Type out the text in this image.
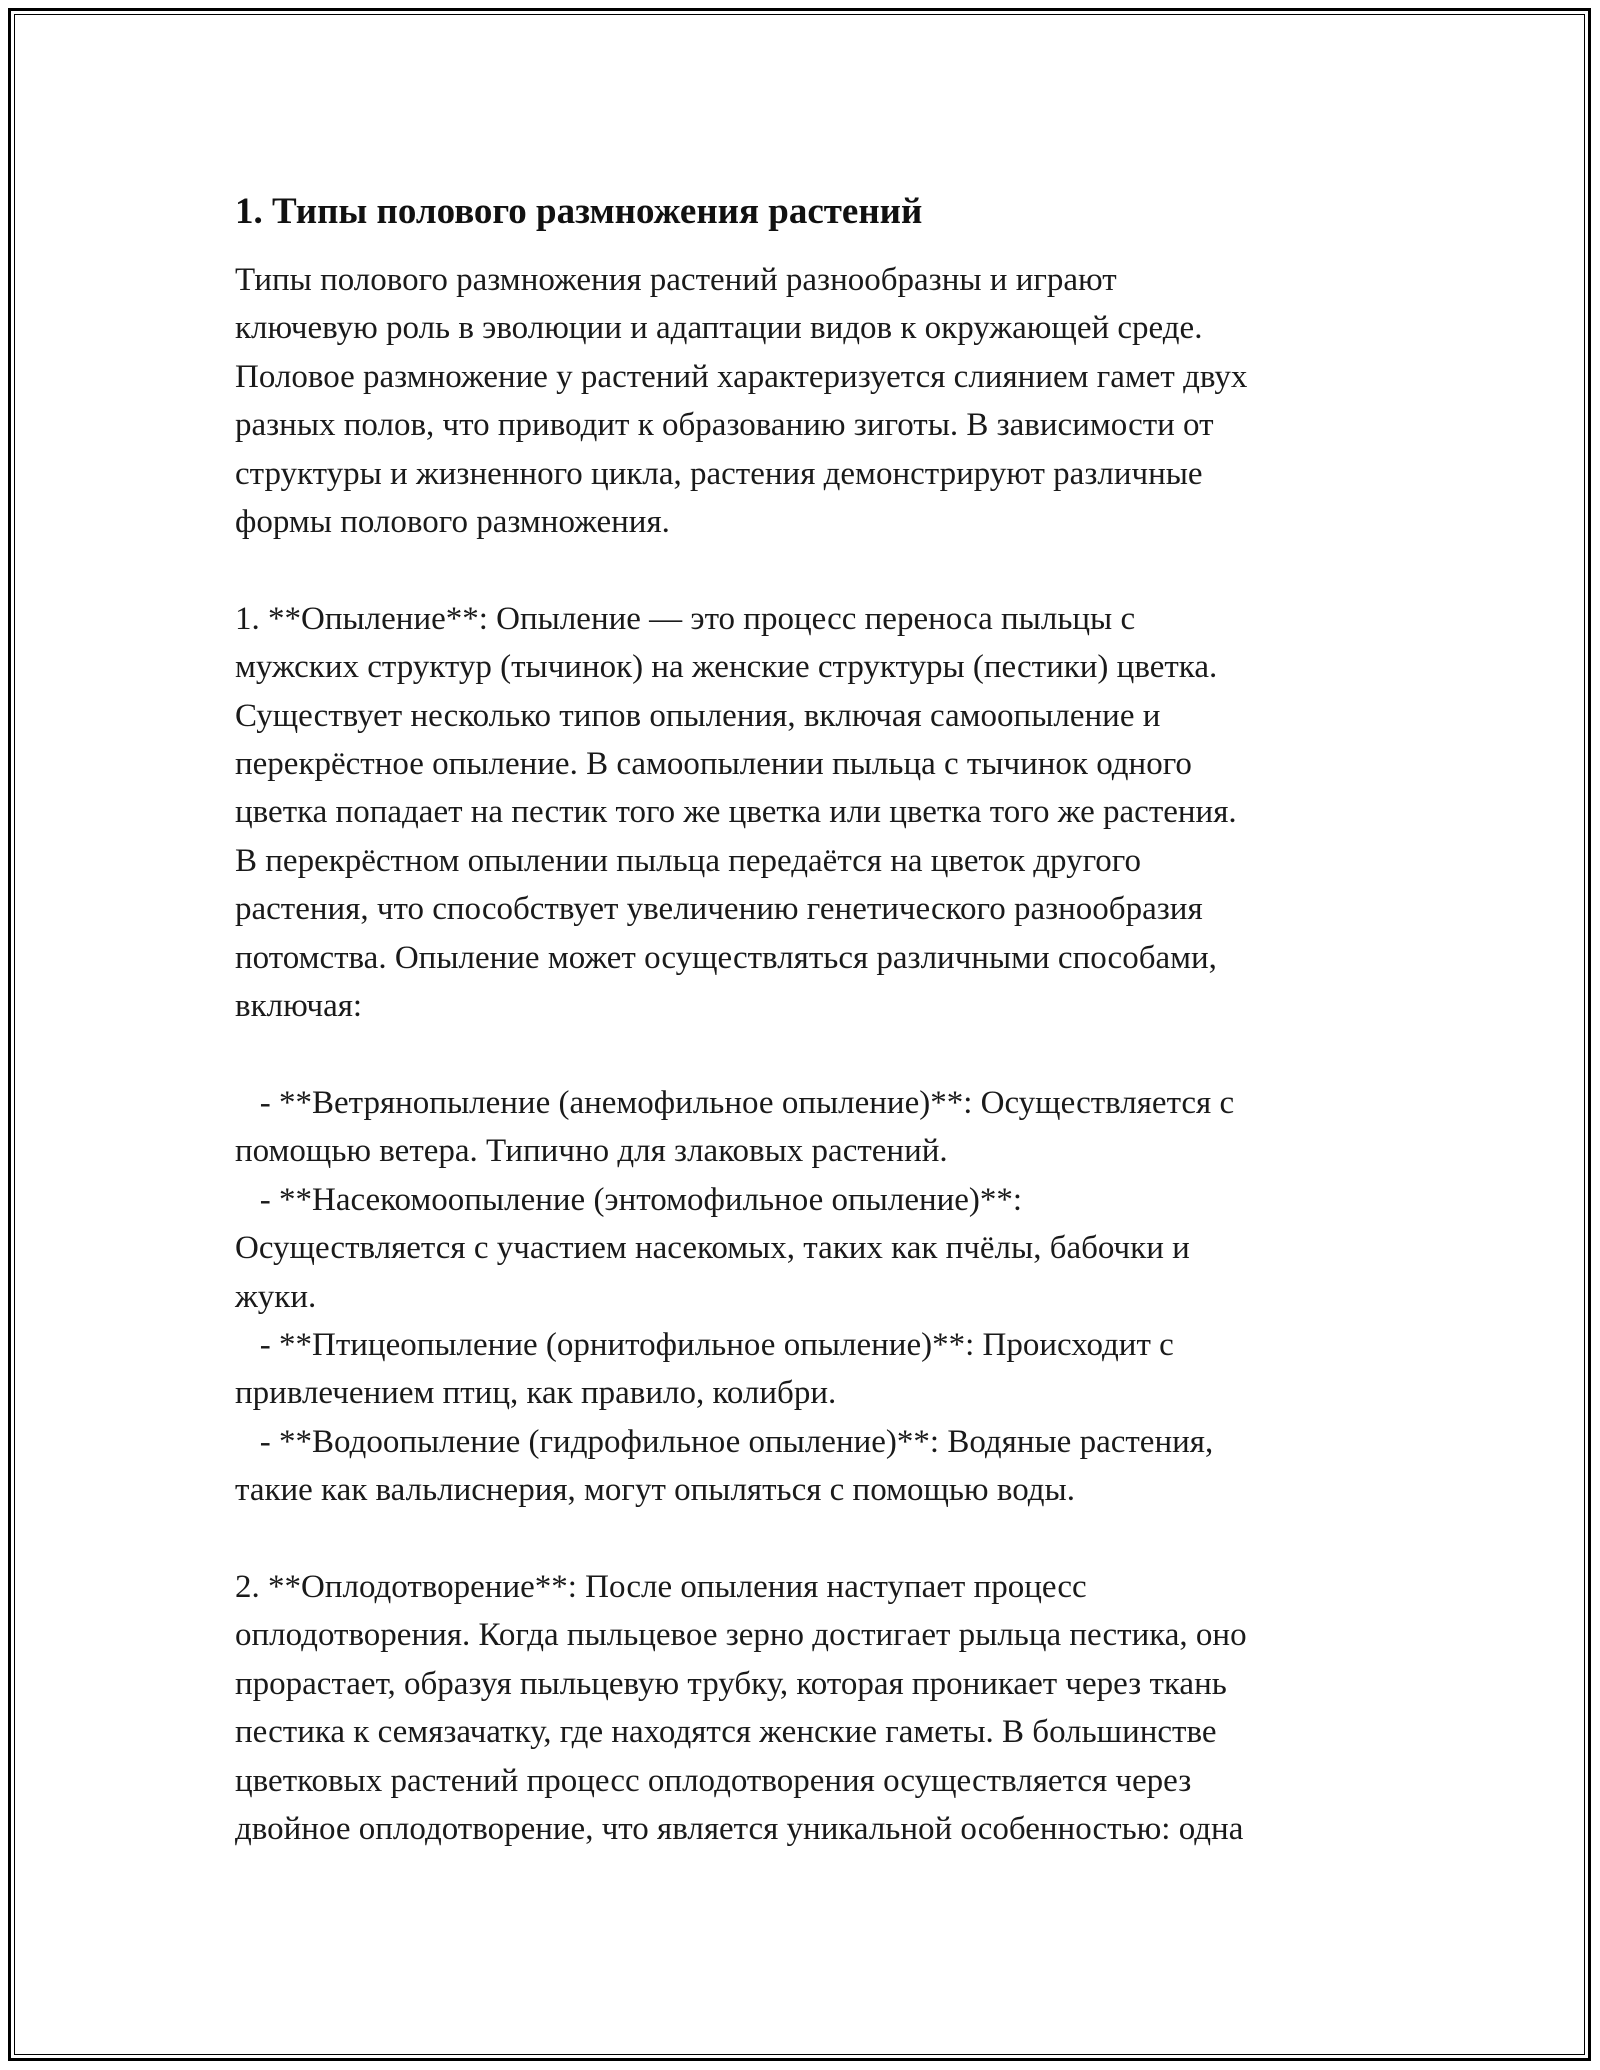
1. Типы полового размножения растений

Типы полового размножения растений разнообразны и играют
ключевую роль в эволюции и адаптации видов к окружающей среде.
Половое размножение у растений характеризуется слиянием гамет двух
разных полов, что приводит к образованию зиготы. В зависимости от
структуры и жизненного цикла, растения демонстрируют различные
формы полового размножения.

1. **Опыление**: Опыление — это процесс переноса пыльцы с
мужских структур (тычинок) на женские структуры (пестики) цветка.
Существует несколько типов опыления, включая самоопыление и
перекрёстное опыление. В самоопылении пыльца с тычинок одного
цветка попадает на пестик того же цветка или цветка того же растения.
В перекрёстном опылении пыльца передаётся на цветок другого
растения, что способствует увеличению генетического разнообразия
потомства. Опыление может осуществляться различными способами,
включая:

- **Ветрянопыление (анемофильное опыление)**: Осуществляется с
помощью ветера. Типично для злаковых растений.

- **Насекомоопыление (энтомофильное опыление)**:
Осуществляется с участием насекомых, таких как пчёлы, бабочки и
жуки.

- **Птицеопыление (орнитофильное опыление)**: Происходит с
привлечением птиц, как правило, колибри.

- **Водоопыление (гидрофильное опыление)**: Водяные растения,
такие как вальлиснерия, могут опыляться с помощью воды.

2. **Оплодотворение**: После опыления наступает процесс
оплодотворения. Когда пыльцевое зерно достигает рыльца пестика, оно
прорастает, образуя пыльцевую трубку, которая проникает через ткань
пестика к семязачатку, где находятся женские гаметы. В большинстве
цветковых растений процесс оплодотворения осуществляется через
двойное оплодотворение, что является уникальной особенностью: одна
